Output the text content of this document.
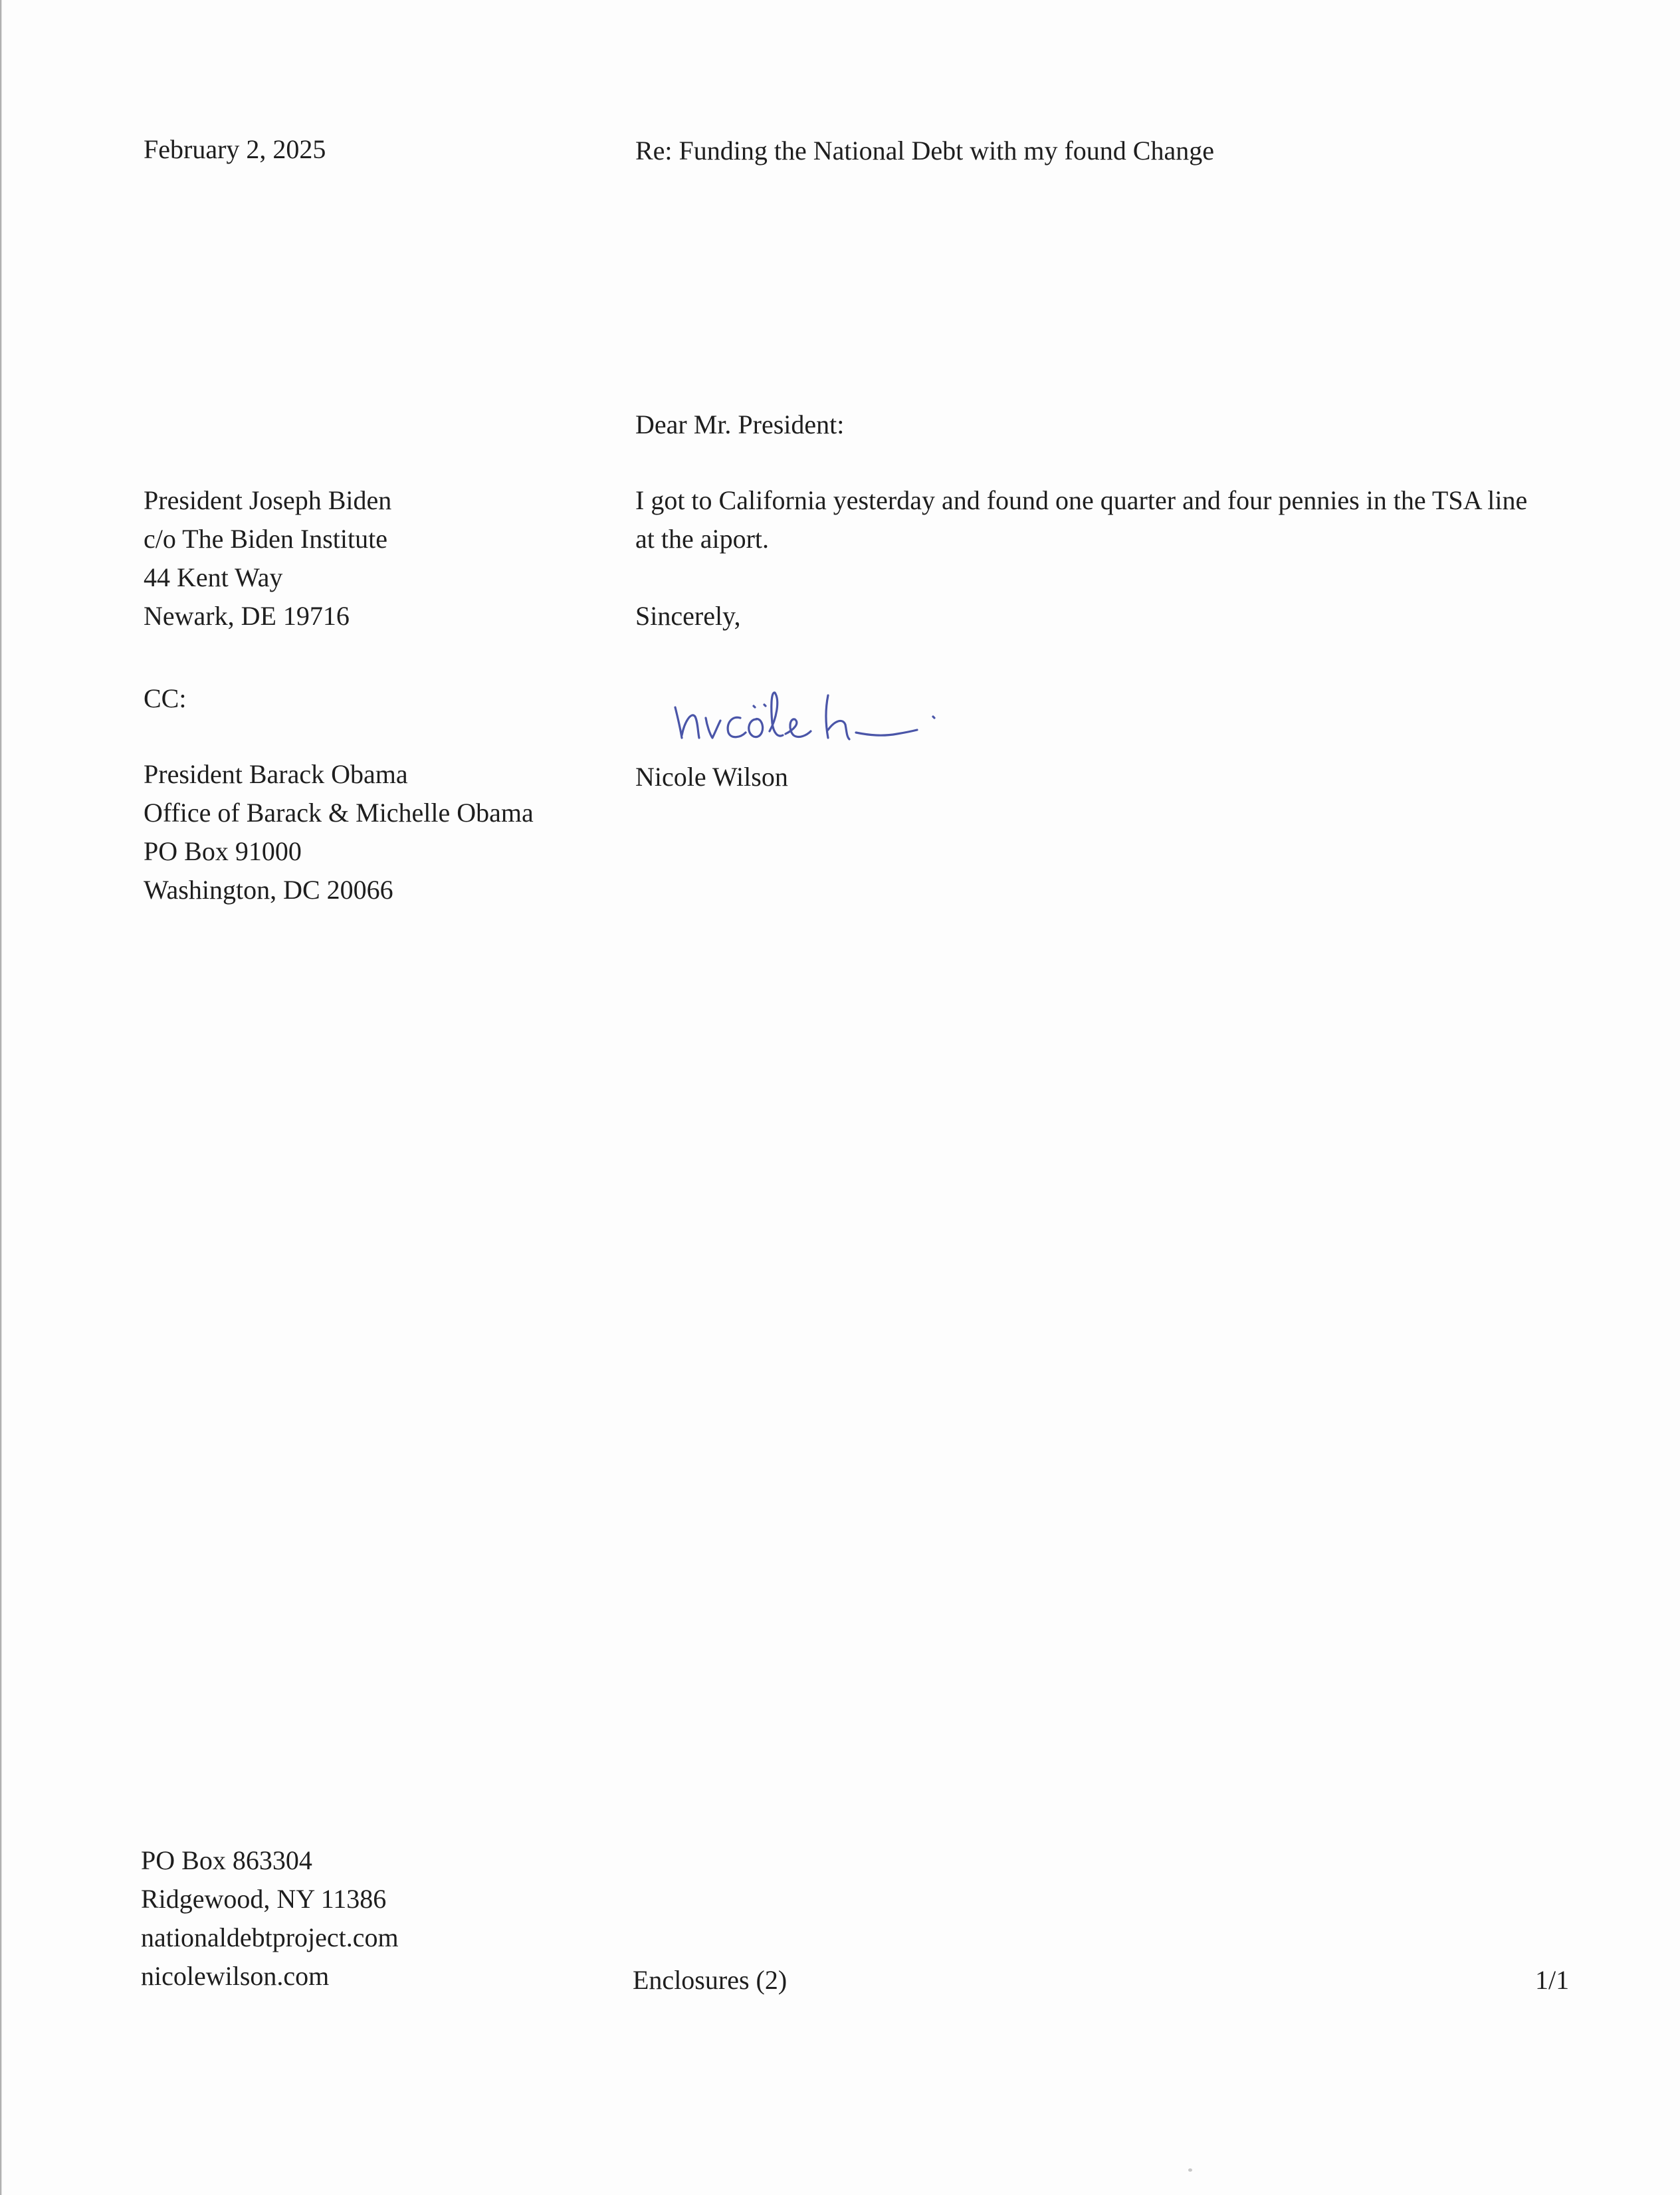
February 2, 2025	Re: Funding the National Debt with my found Change

Dear Mr. President:

President Joseph Biden
c/o The Biden Institute
44 Kent Way
Newark, DE 19716
I got to California yesterday and found one quarter and four pennies in the TSA line
at the aiport.

Sincerely,

CC:

Nicole Wilson

President Barack Obama
Office of Barack & Michelle Obama
PO Box 91000
Washington, DC 20066
PO Box 863304
Ridgewood, NY 11386
nationaldebtproject.com
nicolewilson.com	Enclosures (2)	1/1
